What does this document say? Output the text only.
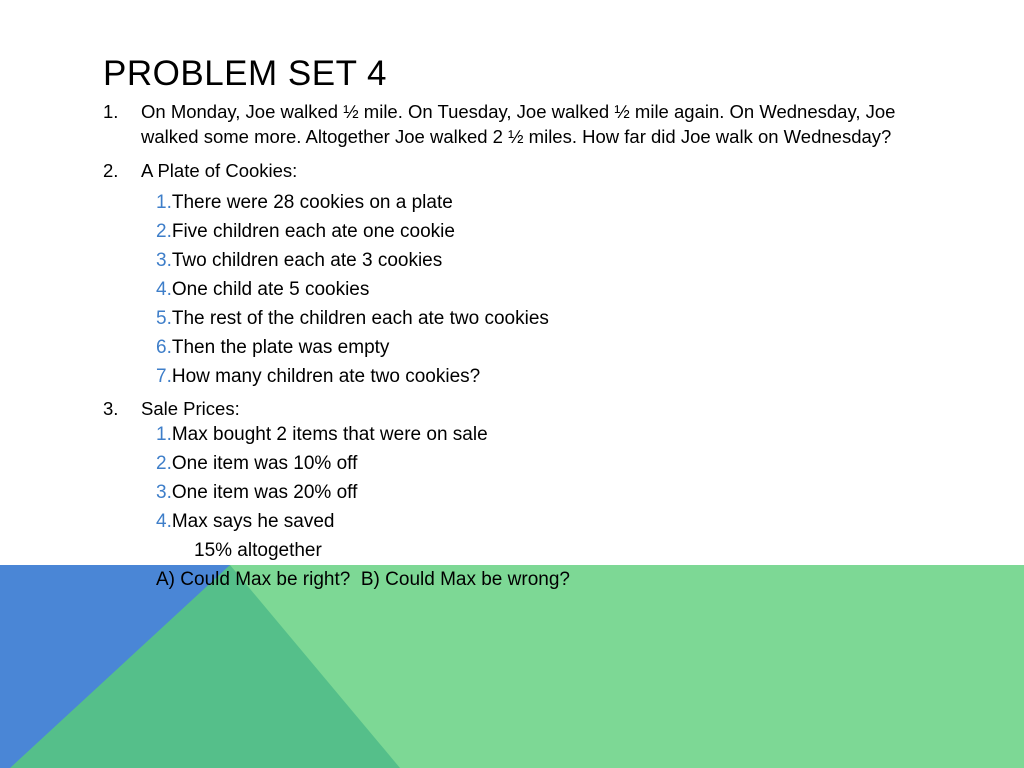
PROBLEM SET 4
1. On Monday, Joe walked ½ mile. On Tuesday, Joe walked ½ mile again. On Wednesday, Joe walked some more. Altogether Joe walked 2 ½ miles. How far did Joe walk on Wednesday?
2. A Plate of Cookies:
1.There were 28 cookies on a plate
2.Five children each ate one cookie
3.Two children each ate 3 cookies
4.One child ate 5 cookies
5.The rest of the children each ate two cookies
6.Then the plate was empty
7.How many children ate two cookies?
3. Sale Prices:
1.Max bought 2 items that were on sale
2.One item was 10% off
3.One item was 20% off
4.Max says he saved
15% altogether
A) Could Max be right?  B) Could Max be wrong?
